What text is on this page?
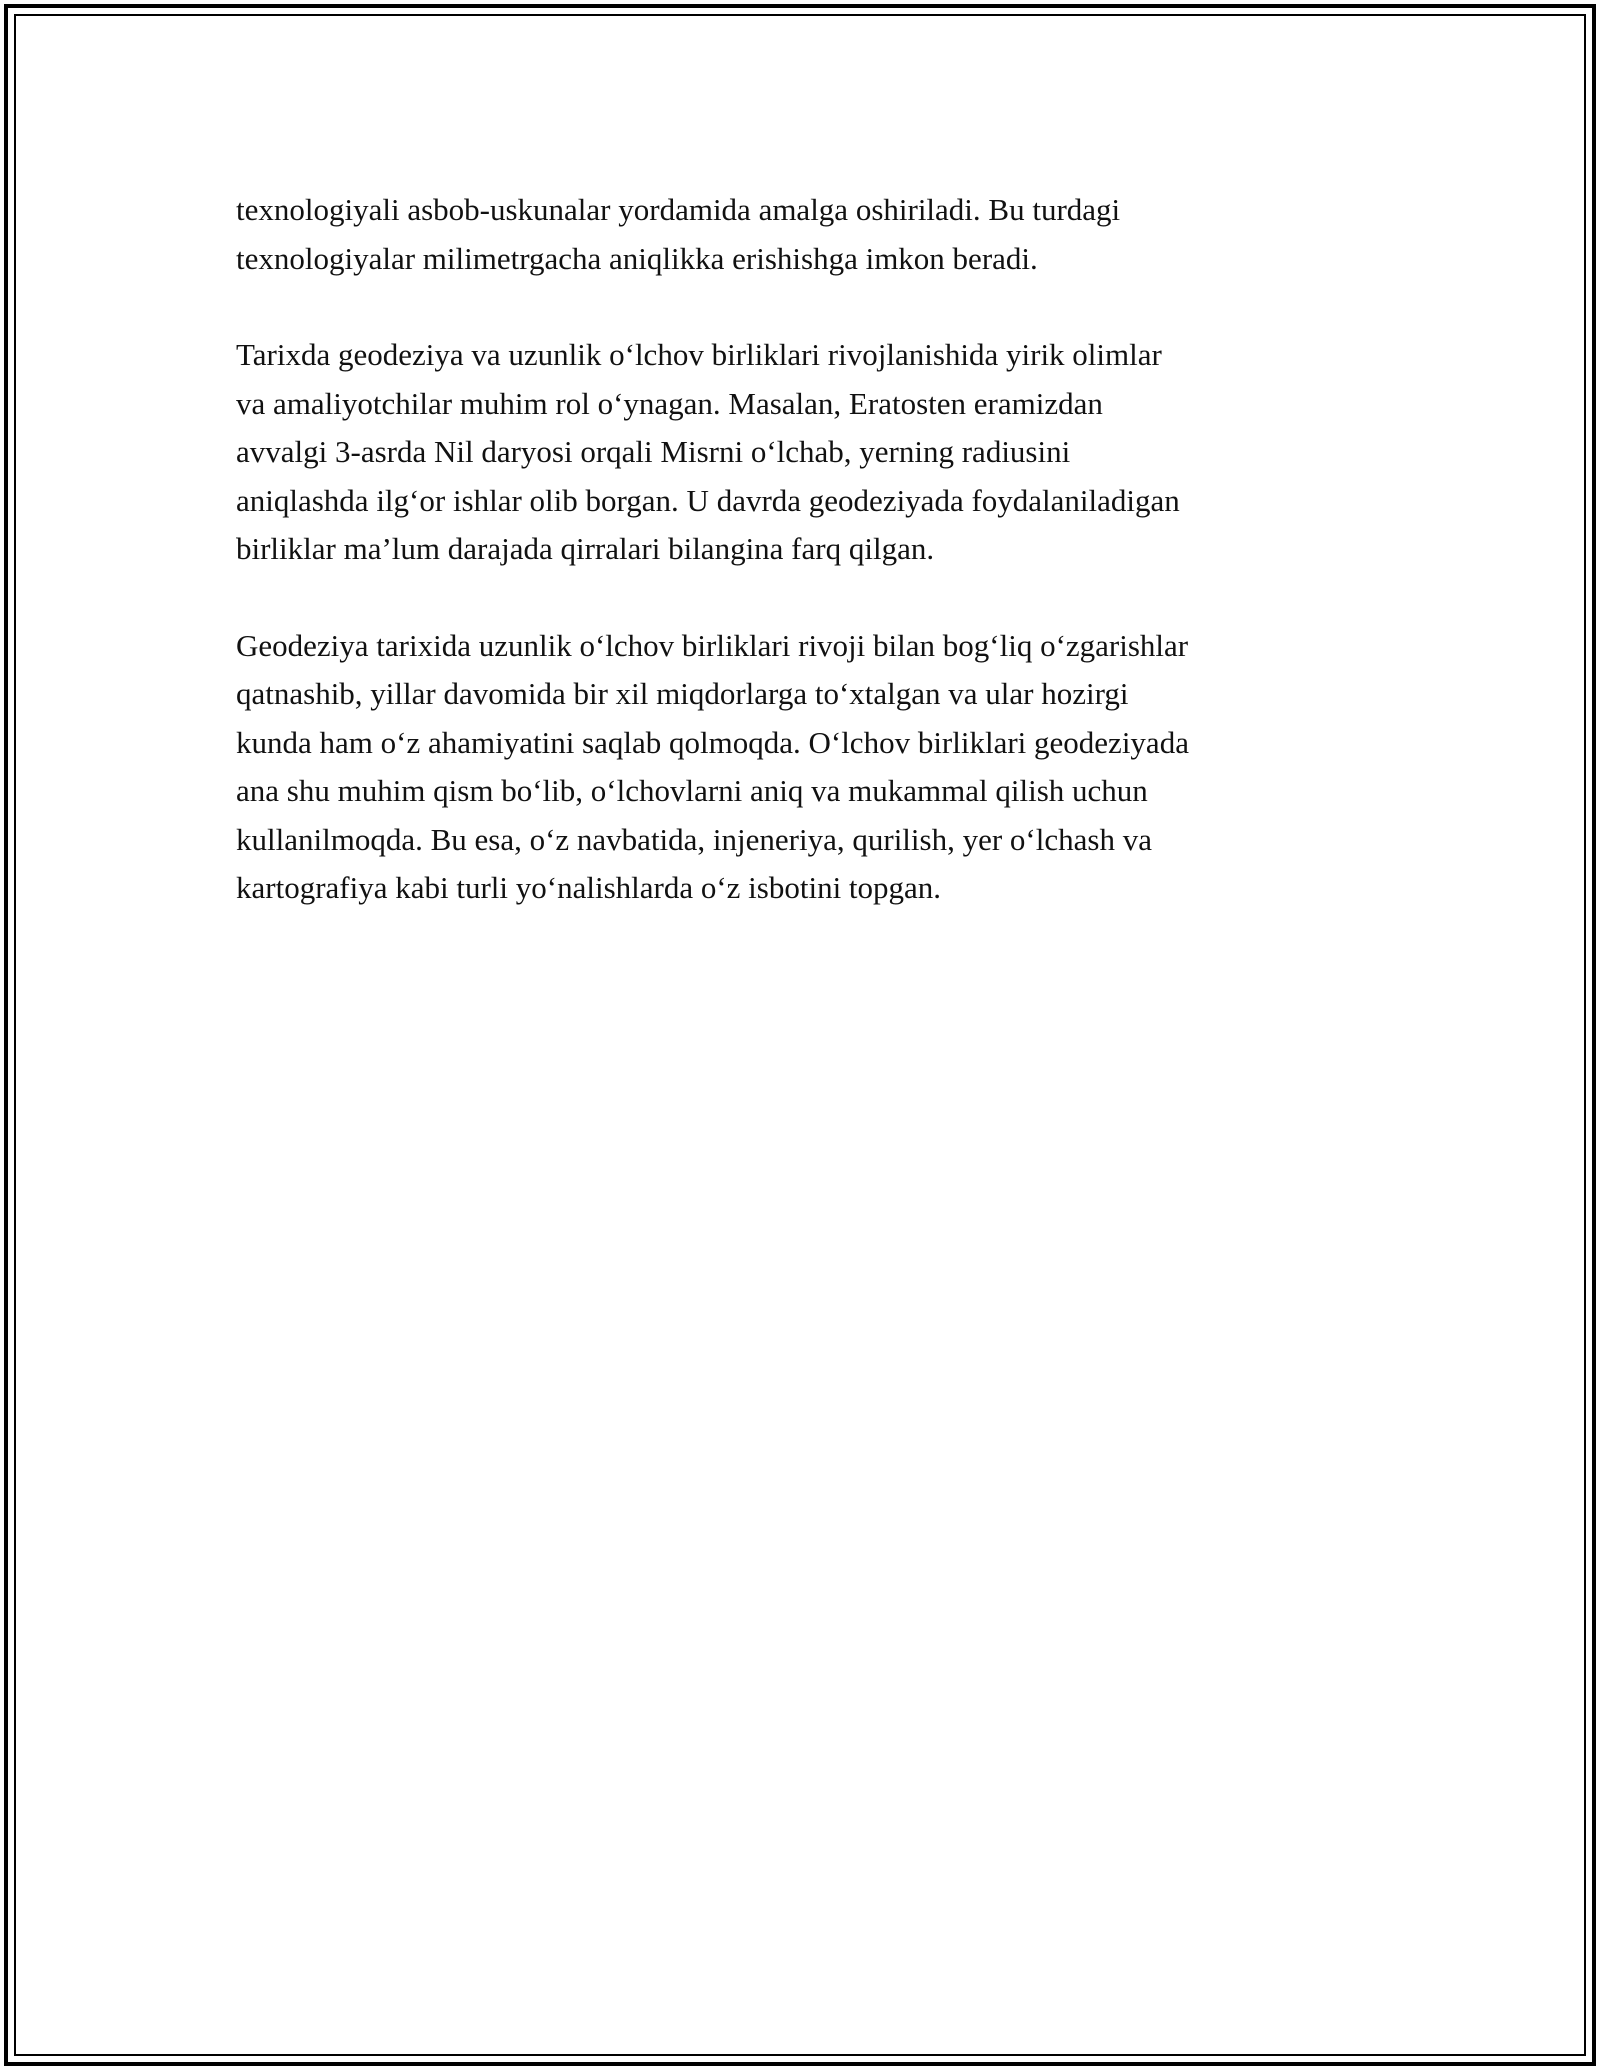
texnologiyali asbob-uskunalar yordamida amalga oshiriladi. Bu turdagi
texnologiyalar milimetrgacha aniqlikka erishishga imkon beradi.

Tarixda geodeziya va uzunlik o‘lchov birliklari rivojlanishida yirik olimlar
va amaliyotchilar muhim rol o‘ynagan. Masalan, Eratosten eramizdan
avvalgi 3-asrda Nil daryosi orqali Misrni o‘lchab, yerning radiusini
aniqlashda ilg‘or ishlar olib borgan. U davrda geodeziyada foydalaniladigan
birliklar ma’lum darajada qirralari bilangina farq qilgan.

Geodeziya tarixida uzunlik o‘lchov birliklari rivoji bilan bog‘liq o‘zgarishlar
qatnashib, yillar davomida bir xil miqdorlarga to‘xtalgan va ular hozirgi
kunda ham o‘z ahamiyatini saqlab qolmoqda. O‘lchov birliklari geodeziyada
ana shu muhim qism bo‘lib, o‘lchovlarni aniq va mukammal qilish uchun
kullanilmoqda. Bu esa, o‘z navbatida, injeneriya, qurilish, yer o‘lchash va
kartografiya kabi turli yo‘nalishlarda o‘z isbotini topgan.
